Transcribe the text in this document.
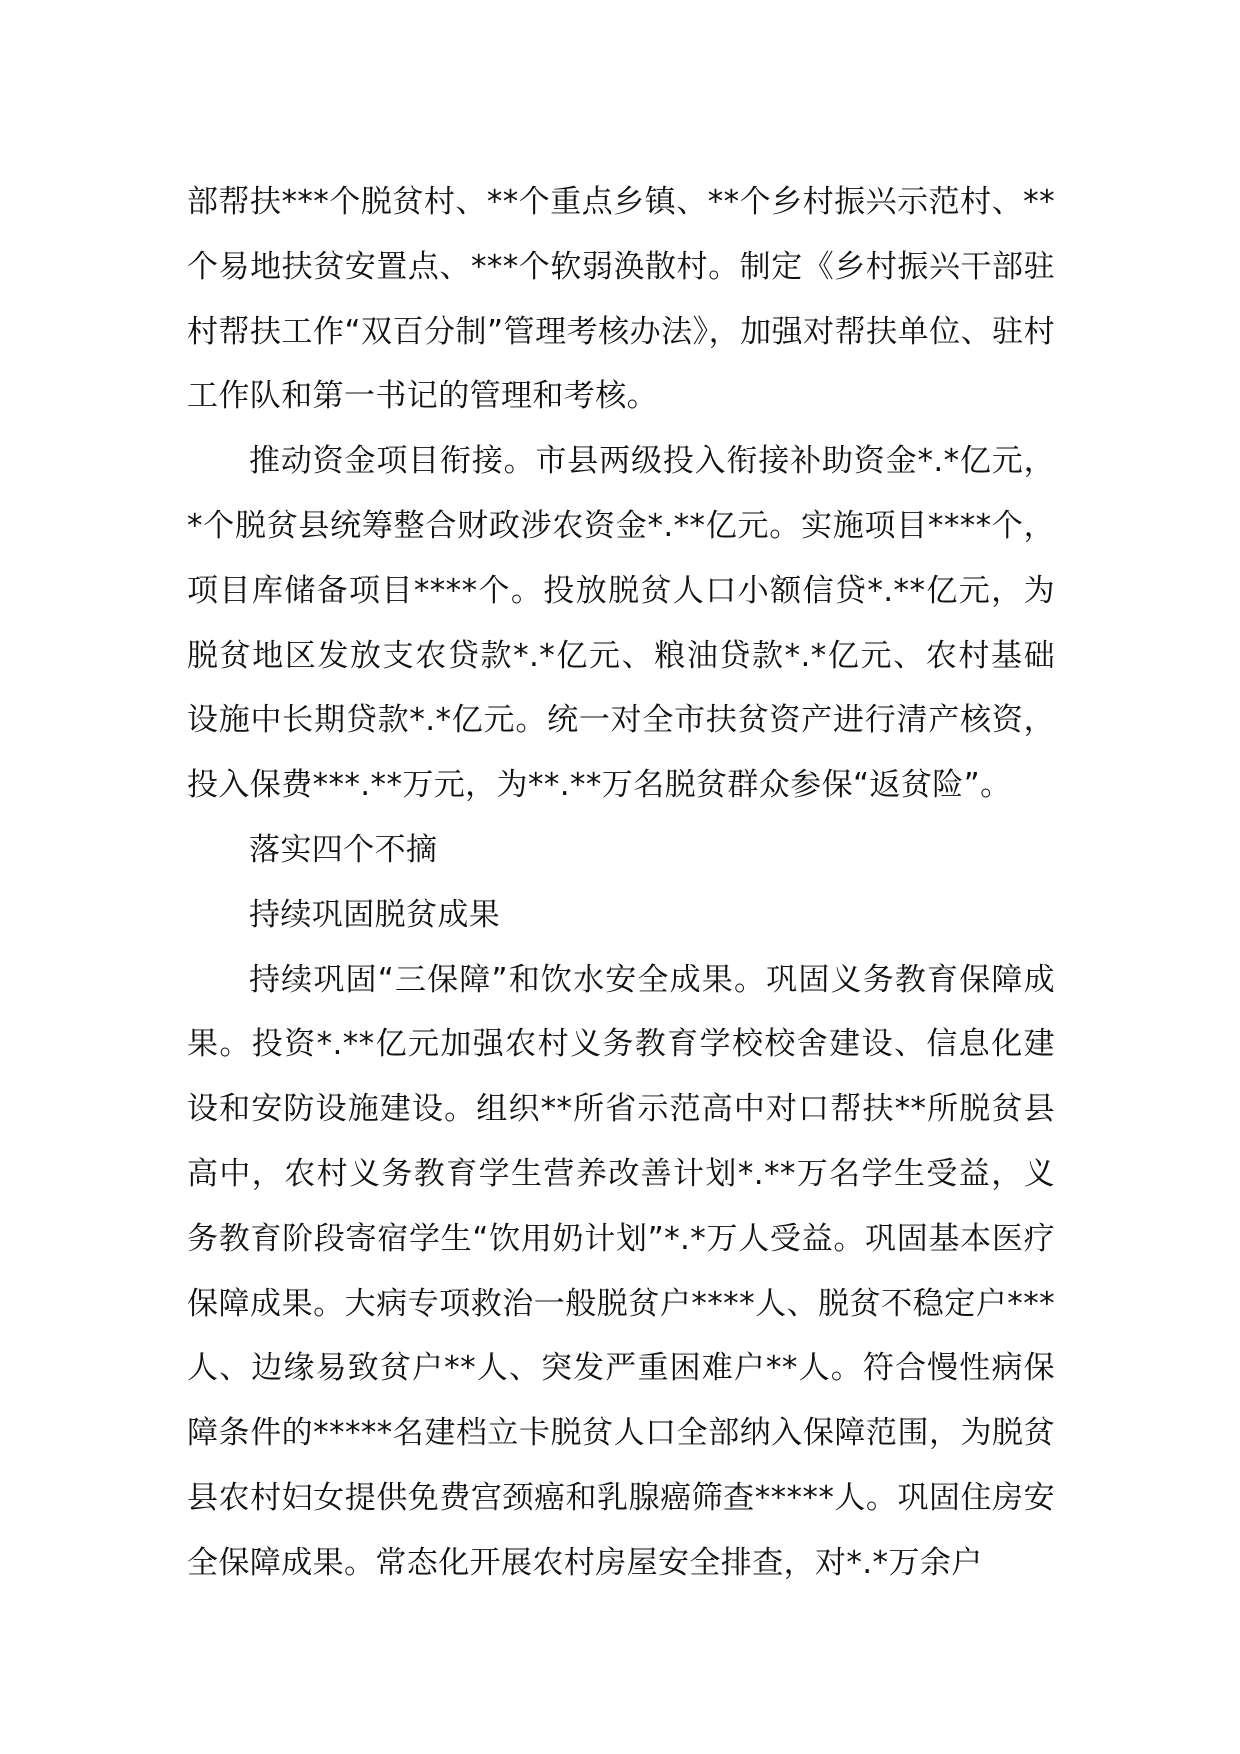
部帮扶***个脱贫村、**个重点乡镇、**个乡村振兴示范村、**个易地扶贫安置点、***个软弱涣散村。制定《乡村振兴干部驻村帮扶工作“双百分制”管理考核办法》，加强对帮扶单位、驻村工作队和第一书记的管理和考核。

推动资金项目衔接。市县两级投入衔接补助资金*.*亿元，*个脱贫县统筹整合财政涉农资金*.**亿元。实施项目****个，项目库储备项目****个。投放脱贫人口小额信贷*.**亿元，为脱贫地区发放支农贷款*.*亿元、粮油贷款*.*亿元、农村基础设施中长期贷款*.*亿元。统一对全市扶贫资产进行清产核资，投入保费***.**万元，为**.**万名脱贫群众参保“返贫险”。

落实四个不摘

持续巩固脱贫成果

持续巩固“三保障”和饮水安全成果。巩固义务教育保障成果。投资*.**亿元加强农村义务教育学校校舍建设、信息化建设和安防设施建设。组织**所省示范高中对口帮扶**所脱贫县高中，农村义务教育学生营养改善计划*.**万名学生受益，义务教育阶段寄宿学生“饮用奶计划”*.*万人受益。巩固基本医疗保障成果。大病专项救治一般脱贫户****人、脱贫不稳定户***人、边缘易致贫户**人、突发严重困难户**人。符合慢性病保障条件的*****名建档立卡脱贫人口全部纳入保障范围，为脱贫县农村妇女提供免费宫颈癌和乳腺癌筛查*****人。巩固住房安全保障成果。常态化开展农村房屋安全排查，对*.*万余户
